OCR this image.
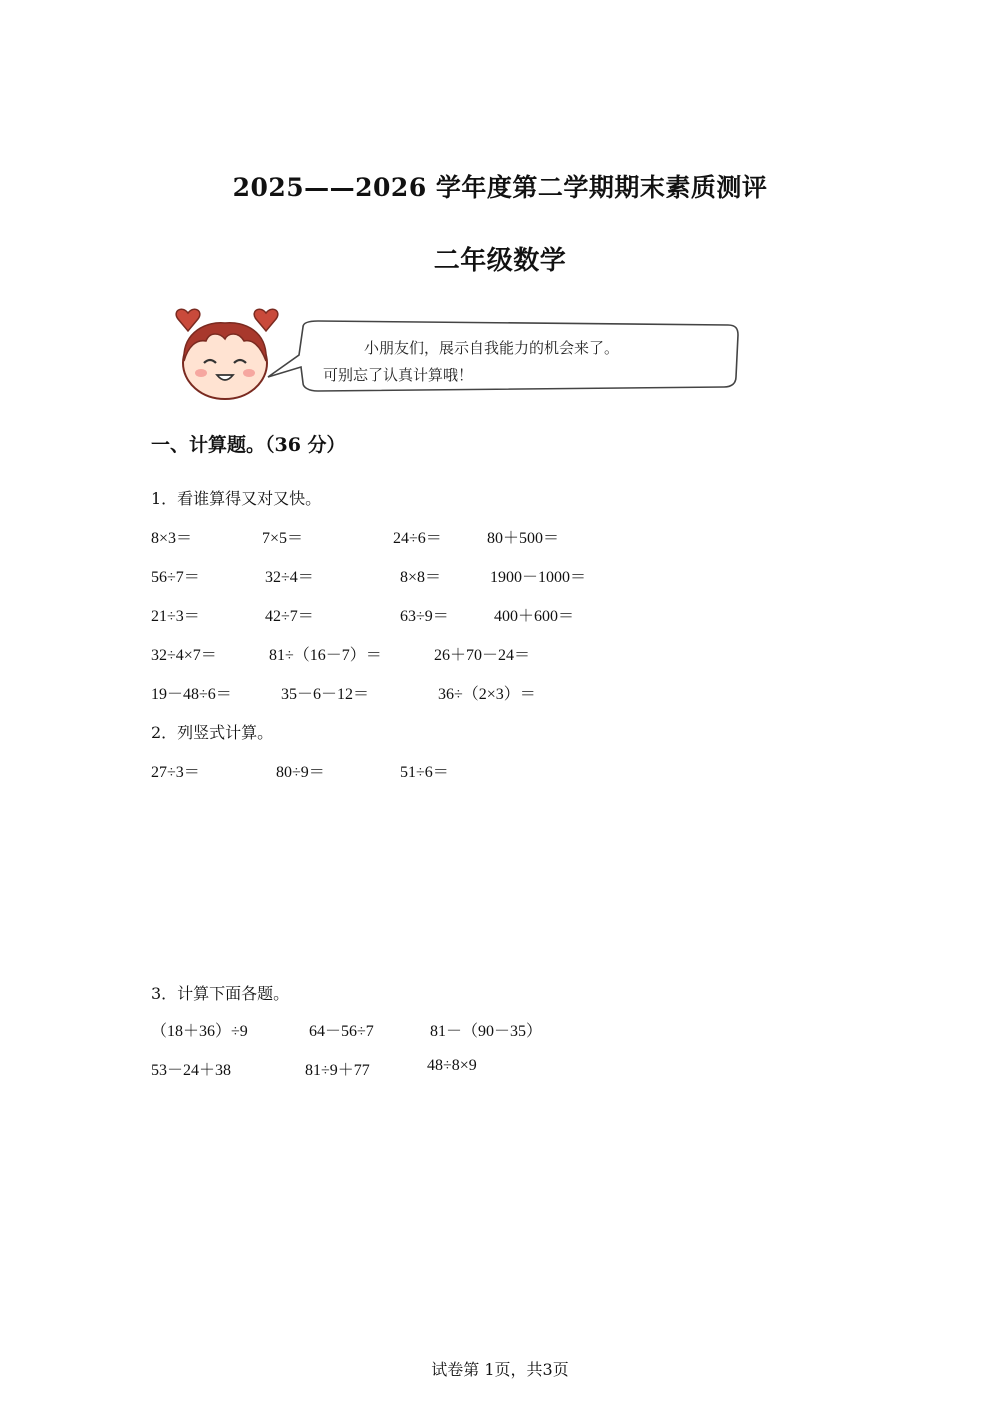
2025——2026 学年度第二学期期末素质测评
二年级数学
小朋友们，展示自我能力的机会来了。
可别忘了认真计算哦！
一、计算题。（36 分）
1．看谁算得又对又快。
8×3＝	7×5＝	24÷6＝	80＋500＝
56÷7＝	32÷4＝	8×8＝	1900－1000＝
21÷3＝	42÷7＝	63÷9＝	400＋600＝
32÷4×7＝	81÷（16－7）＝	26＋70－24＝
19－48÷6＝	35－6－12＝	36÷（2×3）＝
2．列竖式计算。
27÷3＝	80÷9＝	51÷6＝
3．计算下面各题。
（18＋36）÷9	64－56÷7	81－（90－35）
53－24＋38	81÷9＋77	48÷8×9
试卷第 1页，共3页
